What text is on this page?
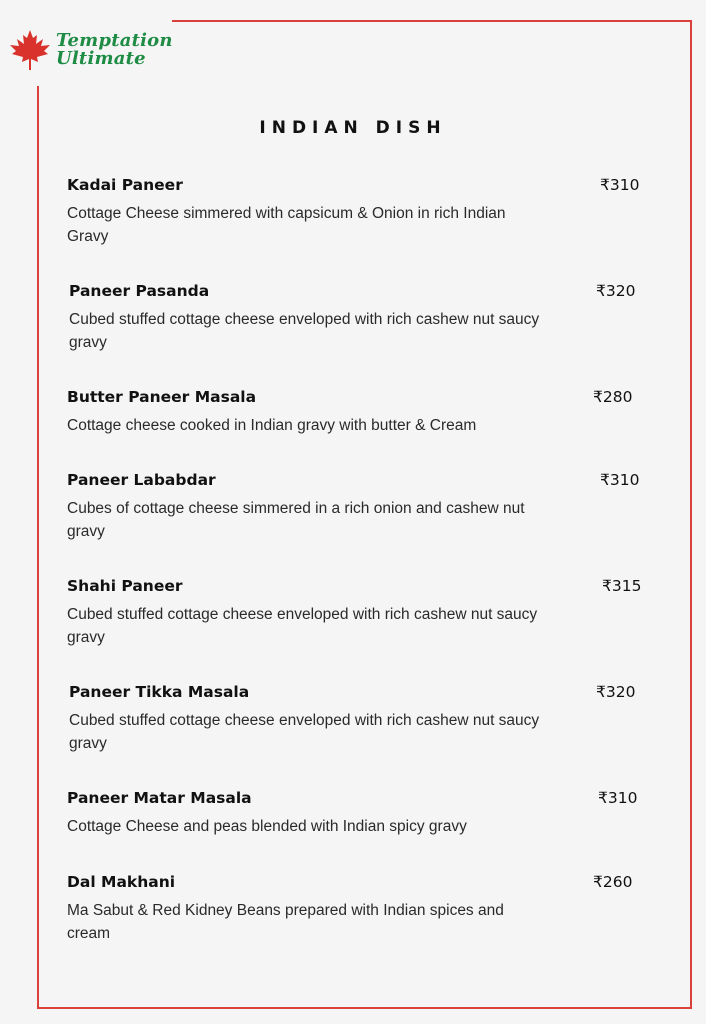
Temptation
Ultimate
INDIAN DISH
Kadai Paneer	₹310
Cottage Cheese simmered with capsicum & Onion in rich Indian Gravy
Paneer Pasanda	₹320
Cubed stuffed cottage cheese enveloped with rich cashew nut saucy gravy
Butter Paneer Masala	₹280
Cottage cheese cooked in Indian gravy with butter & Cream
Paneer Lababdar	₹310
Cubes of cottage cheese simmered in a rich onion and cashew nut gravy
Shahi Paneer	₹315
Cubed stuffed cottage cheese enveloped with rich cashew nut saucy gravy
Paneer Tikka Masala	₹320
Cubed stuffed cottage cheese enveloped with rich cashew nut saucy gravy
Paneer Matar Masala	₹310
Cottage Cheese and peas blended with Indian spicy gravy
Dal Makhani	₹260
Ma Sabut & Red Kidney Beans prepared with Indian spices and cream
